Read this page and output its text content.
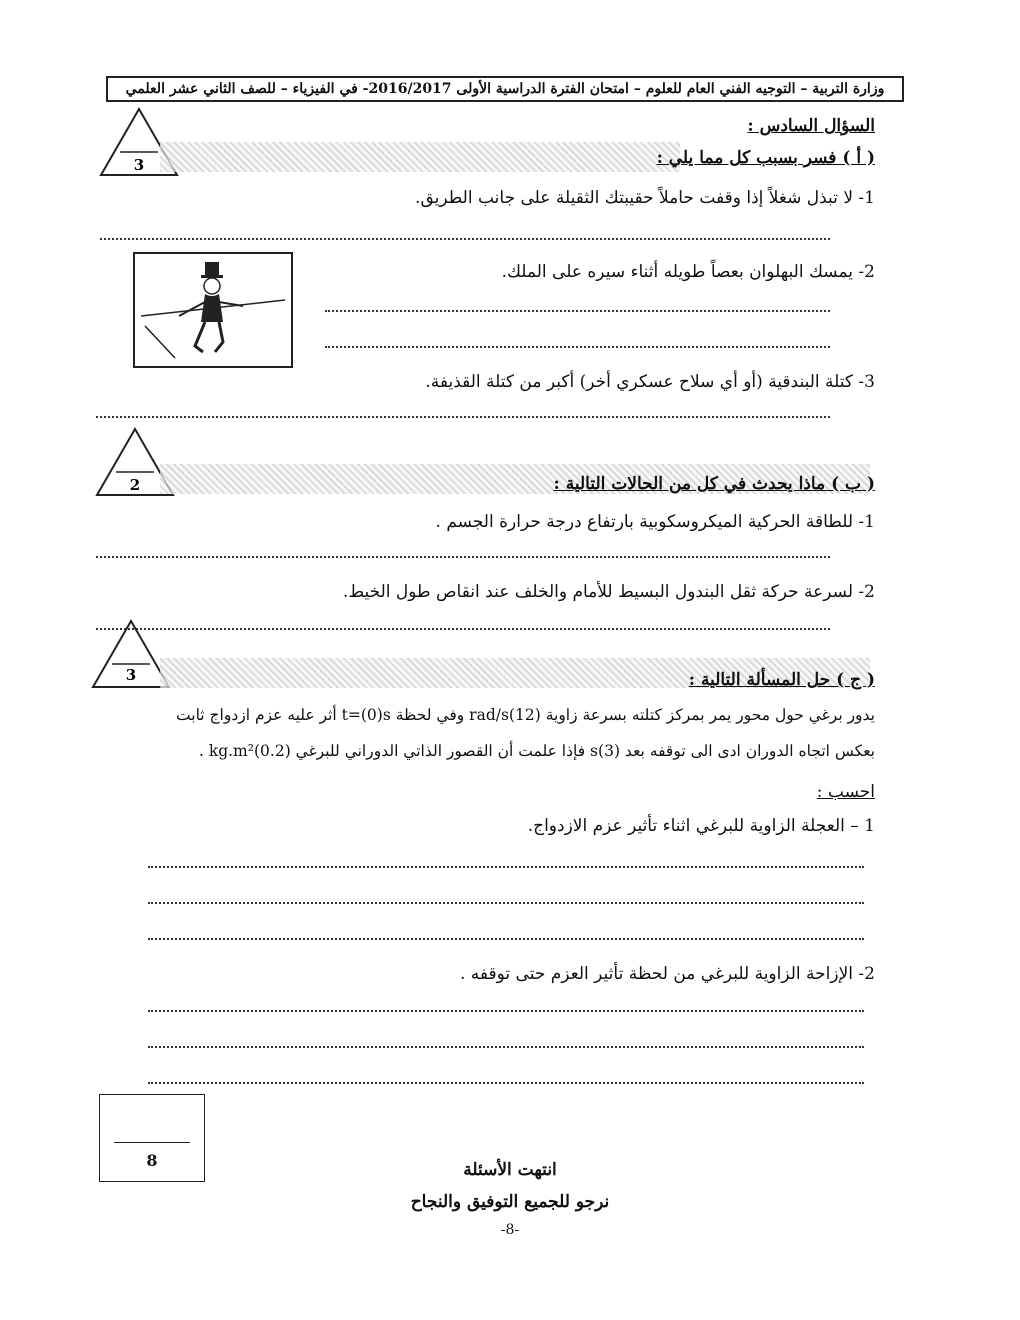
وزارة التربية – التوجيه الفني العام للعلوم – امتحان الفترة الدراسية الأولى 2016/2017- في الفيزياء – للصف الثاني عشر العلمي
السؤال السادس :
3	( أ ) فسر بسبب كل مما يلي :
1- لا تبذل شغلاً إذا وقفت حاملاً حقيبتك الثقيلة على جانب الطريق.
2- يمسك البهلوان بعصاً طويله أثناء سيره على الملك.
3- كتلة البندقية (أو أي سلاح عسكري أخر) أكبر من كتلة القذيفة.
2	( ب ) ماذا يحدث في كل من الحالات التالية :
1- للطاقة الحركية الميكروسكوبية بارتفاع درجة حرارة الجسم .
2- لسرعة حركة ثقل البندول البسيط للأمام والخلف عند انقاص طول الخيط.
3	( ج ) حل المسألة التالية :
يدور برغي حول محور يمر بمركز كتلته بسرعة زاوية (12)rad/s وفي لحظة t=(0)s أثر عليه عزم ازدواج ثابت
بعكس اتجاه الدوران ادى الى توقفه بعد (3)s فإذا علمت أن القصور الذاتي الدوراني للبرغي (0.2)kg.m² .
احسب :
1 – العجلة الزاوية للبرغي اثناء تأثير عزم الازدواج.
2- الإزاحة الزاوية للبرغي من لحظة تأثير العزم حتى توقفه .
8	انتهت الأسئلة
نرجو للجميع التوفيق والنجاح
-8-
